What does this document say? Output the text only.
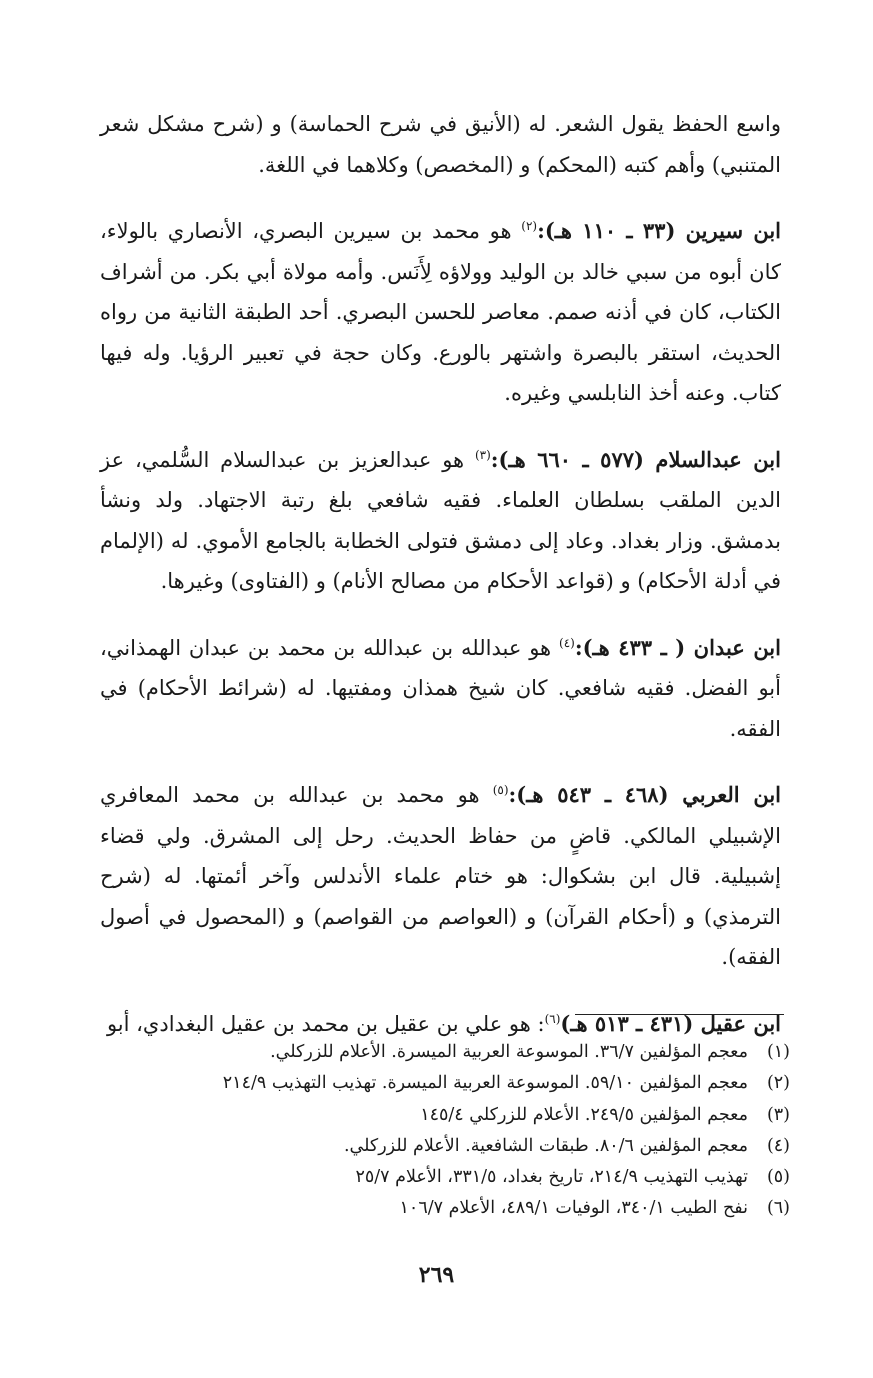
واسع الحفظ يقول الشعر. له (الأنيق في شرح الحماسة) و (شرح مشكل شعر المتنبي) وأهم كتبه (المحكم) و (المخصص) وكلاهما في اللغة.

ابن سيرين (٣٣ ـ ١١٠ هـ):$^{(٢)}$ هو محمد بن سيرين البصري، الأنصاري بالولاء، كان أبوه من سبي خالد بن الوليد وولاؤه لِأَنَس. وأمه مولاة أبي بكر. من أشراف الكتاب، كان في أذنه صمم. معاصر للحسن البصري. أحد الطبقة الثانية من رواه الحديث، استقر بالبصرة واشتهر بالورع. وكان حجة في تعبير الرؤيا. وله فيها كتاب. وعنه أخذ النابلسي وغيره.

ابن عبدالسلام (٥٧٧ ـ ٦٦٠ هـ):$^{(٣)}$ هو عبدالعزيز بن عبدالسلام السُّلمي، عز الدين الملقب بسلطان العلماء. فقيه شافعي بلغ رتبة الاجتهاد. ولد ونشأ بدمشق. وزار بغداد. وعاد إلى دمشق فتولى الخطابة بالجامع الأموي. له (الإلمام في أدلة الأحكام) و (قواعد الأحكام من مصالح الأنام) و (الفتاوى) وغيرها.

ابن عبدان ( ـ ٤٣٣ هـ):$^{(٤)}$ هو عبدالله بن عبدالله بن محمد بن عبدان الهمذاني، أبو الفضل. فقيه شافعي. كان شيخ همذان ومفتيها. له (شرائط الأحكام) في الفقه.

ابن العربي (٤٦٨ ـ ٥٤٣ هـ):$^{(٥)}$ هو محمد بن عبدالله بن محمد المعافري الإشبيلي المالكي. قاضٍ من حفاظ الحديث. رحل إلى المشرق. ولي قضاء إشبيلية. قال ابن بشكوال: هو ختام علماء الأندلس وآخر أئمتها. له (شرح الترمذي) و (أحكام القرآن) و (العواصم من القواصم) و (المحصول في أصول الفقه).

ابن عقيل (٤٣١ ـ ٥١٣ هـ)$^{(٦)}$: هو علي بن عقيل بن محمد بن عقيل البغدادي، أبو

(١)معجم المؤلفين ٣٦/٧. الموسوعة العربية الميسرة. الأعلام للزركلي.
(٢)معجم المؤلفين ٥٩/١٠. الموسوعة العربية الميسرة. تهذيب التهذيب ٢١٤/٩
(٣)معجم المؤلفين ٢٤٩/٥. الأعلام للزركلي ١٤٥/٤
(٤)معجم المؤلفين ٨٠/٦. طبقات الشافعية. الأعلام للزركلي.
(٥)تهذيب التهذيب ٢١٤/٩، تاريخ بغداد، ٣٣١/٥، الأعلام ٢٥/٧
(٦)نفح الطيب ٣٤٠/١، الوفيات ٤٨٩/١، الأعلام ١٠٦/٧
٢٦٩
